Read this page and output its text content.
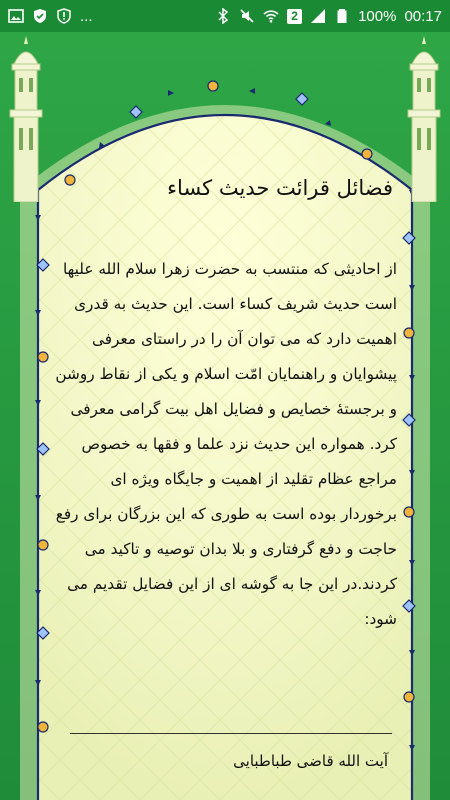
...	2	100% 00:17
فضائل قرائت حدیث کساء

از احادیثی که منتسب به حضرت زهرا سلام الله علیها است حدیث شریف کساء است. این حدیث به قدری اهمیت دارد که می توان آن را در راستای معرفی پیشوایان و راهنمایان امّت اسلام و یکی از نقاط روشن و برجستهٔ خصایص و فضایل اهل بیت گرامی معرفی کرد. همواره این حدیث نزد علما و فقها به خصوص مراجع عظام تقلید از اهمیت و جایگاه ویژه ای برخوردار بوده است به طوری که این بزرگان برای رفع حاجت و دفع گرفتاری و بلا بدان توصیه و تاکید می کردند.در این جا به گوشه ای از این فضایل تقدیم می شود:

آیت الله قاضی طباطبایی
